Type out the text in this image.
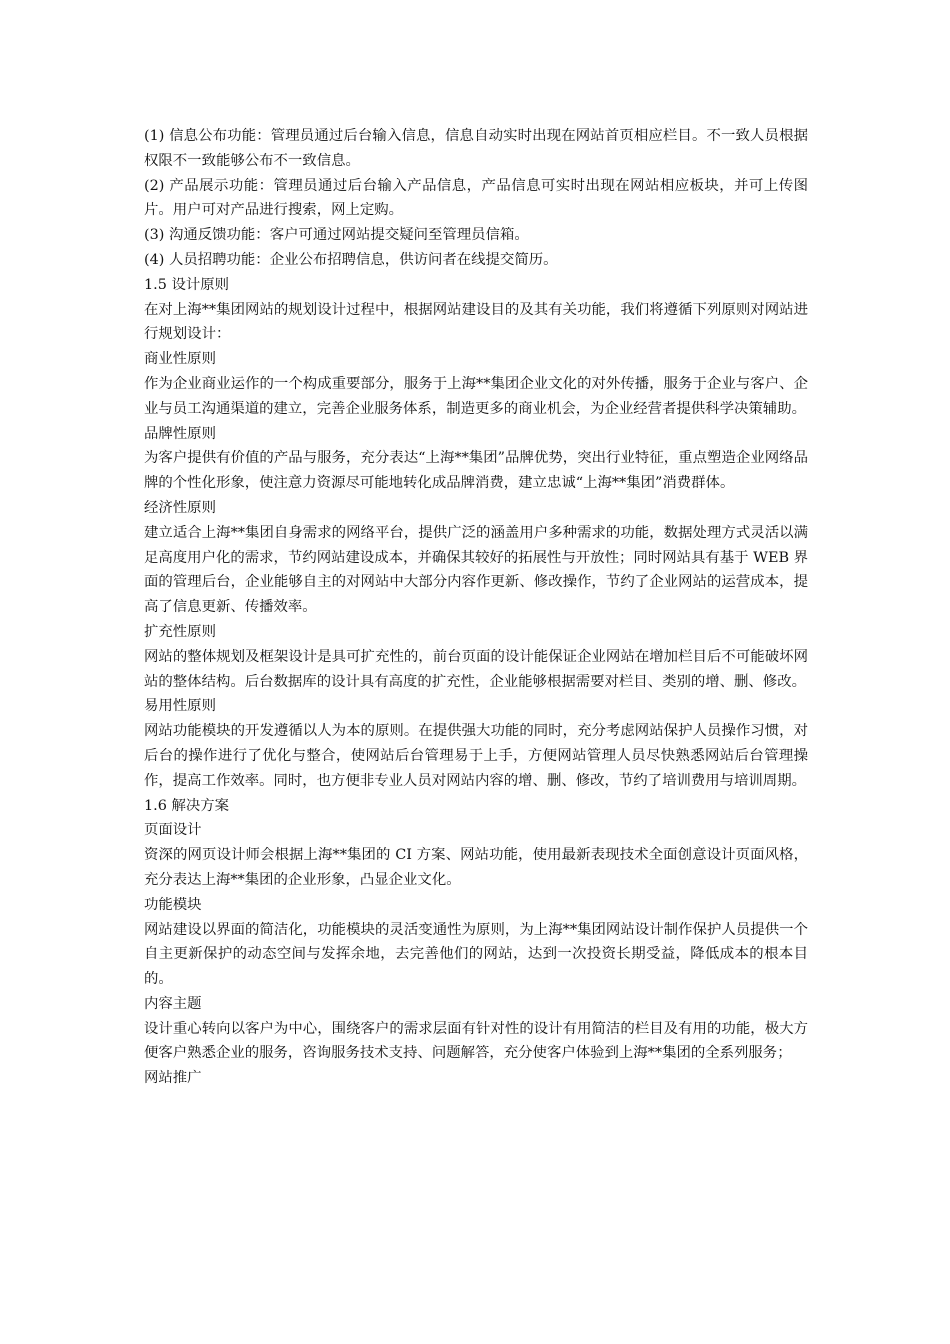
(1) 信息公布功能：管理员通过后台输入信息，信息自动实时出现在网站首页相应栏目。不一致人员根据权限不一致能够公布不一致信息。

(2) 产品展示功能：管理员通过后台输入产品信息，产品信息可实时出现在网站相应板块，并可上传图片。用户可对产品进行搜索，网上定购。

(3) 沟通反馈功能：客户可通过网站提交疑问至管理员信箱。

(4) 人员招聘功能：企业公布招聘信息，供访问者在线提交简历。

1.5 设计原则

在对上海**集团网站的规划设计过程中，根据网站建设目的及其有关功能，我们将遵循下列原则对网站进行规划设计：

商业性原则

作为企业商业运作的一个构成重要部分，服务于上海**集团企业文化的对外传播，服务于企业与客户、企业与员工沟通渠道的建立，完善企业服务体系，制造更多的商业机会，为企业经营者提供科学决策辅助。

品牌性原则

为客户提供有价值的产品与服务，充分表达“上海**集团”品牌优势，突出行业特征，重点塑造企业网络品牌的个性化形象，使注意力资源尽可能地转化成品牌消费，建立忠诚“上海**集团”消费群体。

经济性原则

建立适合上海**集团自身需求的网络平台，提供广泛的涵盖用户多种需求的功能，数据处理方式灵活以满足高度用户化的需求，节约网站建设成本，并确保其较好的拓展性与开放性；同时网站具有基于 WEB 界面的管理后台，企业能够自主的对网站中大部分内容作更新、修改操作，节约了企业网站的运营成本，提高了信息更新、传播效率。

扩充性原则

网站的整体规划及框架设计是具可扩充性的，前台页面的设计能保证企业网站在增加栏目后不可能破坏网站的整体结构。后台数据库的设计具有高度的扩充性，企业能够根据需要对栏目、类别的增、删、修改。

易用性原则

网站功能模块的开发遵循以人为本的原则。在提供强大功能的同时，充分考虑网站保护人员操作习惯，对后台的操作进行了优化与整合，使网站后台管理易于上手，方便网站管理人员尽快熟悉网站后台管理操作，提高工作效率。同时，也方便非专业人员对网站内容的增、删、修改，节约了培训费用与培训周期。

1.6 解决方案

页面设计

资深的网页设计师会根据上海**集团的 CI 方案、网站功能，使用最新表现技术全面创意设计页面风格，充分表达上海**集团的企业形象，凸显企业文化。

功能模块

网站建设以界面的简洁化，功能模块的灵活变通性为原则，为上海**集团网站设计制作保护人员提供一个自主更新保护的动态空间与发挥余地，去完善他们的网站，达到一次投资长期受益，降低成本的根本目的。

内容主题

设计重心转向以客户为中心，围绕客户的需求层面有针对性的设计有用简洁的栏目及有用的功能，极大方便客户熟悉企业的服务，咨询服务技术支持、问题解答，充分使客户体验到上海**集团的全系列服务；

网站推广
